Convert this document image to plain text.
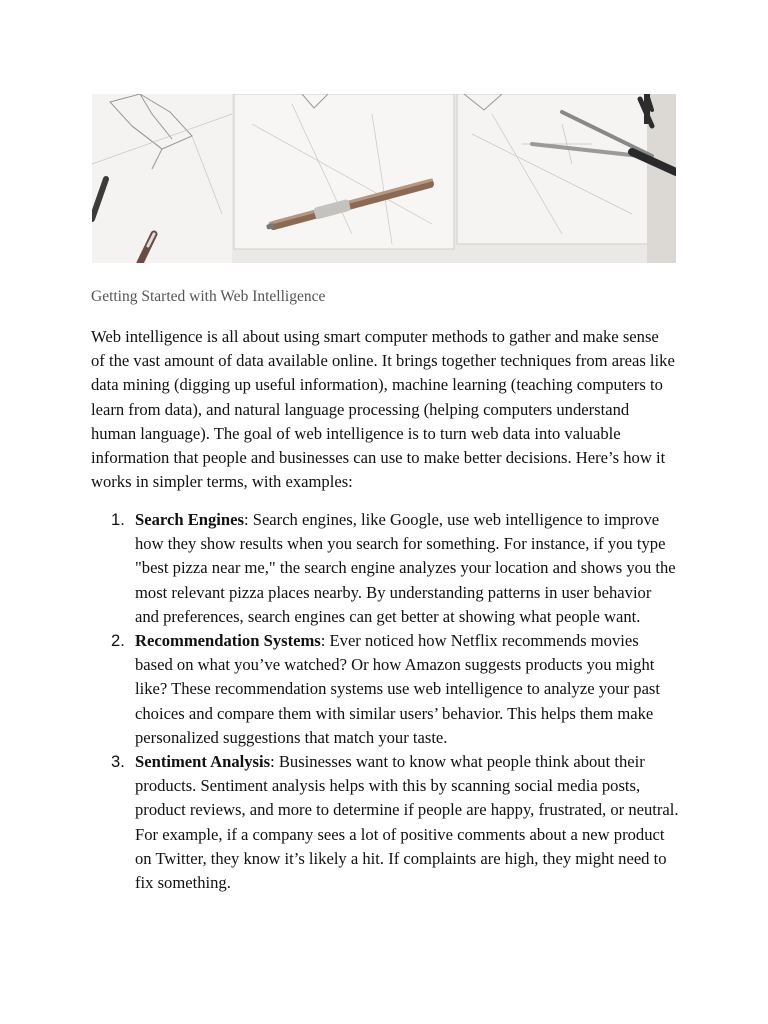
Getting Started with Web Intelligence

Web intelligence is all about using smart computer methods to gather and make sense of the vast amount of data available online. It brings together techniques from areas like data mining (digging up useful information), machine learning (teaching computers to learn from data), and natural language processing (helping computers understand human language). The goal of web intelligence is to turn web data into valuable information that people and businesses can use to make better decisions. Here’s how it works in simpler terms, with examples:

1. Search Engines: Search engines, like Google, use web intelligence to improve how they show results when you search for something. For instance, if you type "best pizza near me," the search engine analyzes your location and shows you the most relevant pizza places nearby. By understanding patterns in user behavior and preferences, search engines can get better at showing what people want.
2. Recommendation Systems: Ever noticed how Netflix recommends movies based on what you’ve watched? Or how Amazon suggests products you might like? These recommendation systems use web intelligence to analyze your past choices and compare them with similar users’ behavior. This helps them make personalized suggestions that match your taste.
3. Sentiment Analysis: Businesses want to know what people think about their products. Sentiment analysis helps with this by scanning social media posts, product reviews, and more to determine if people are happy, frustrated, or neutral. For example, if a company sees a lot of positive comments about a new product on Twitter, they know it’s likely a hit. If complaints are high, they might need to fix something.
